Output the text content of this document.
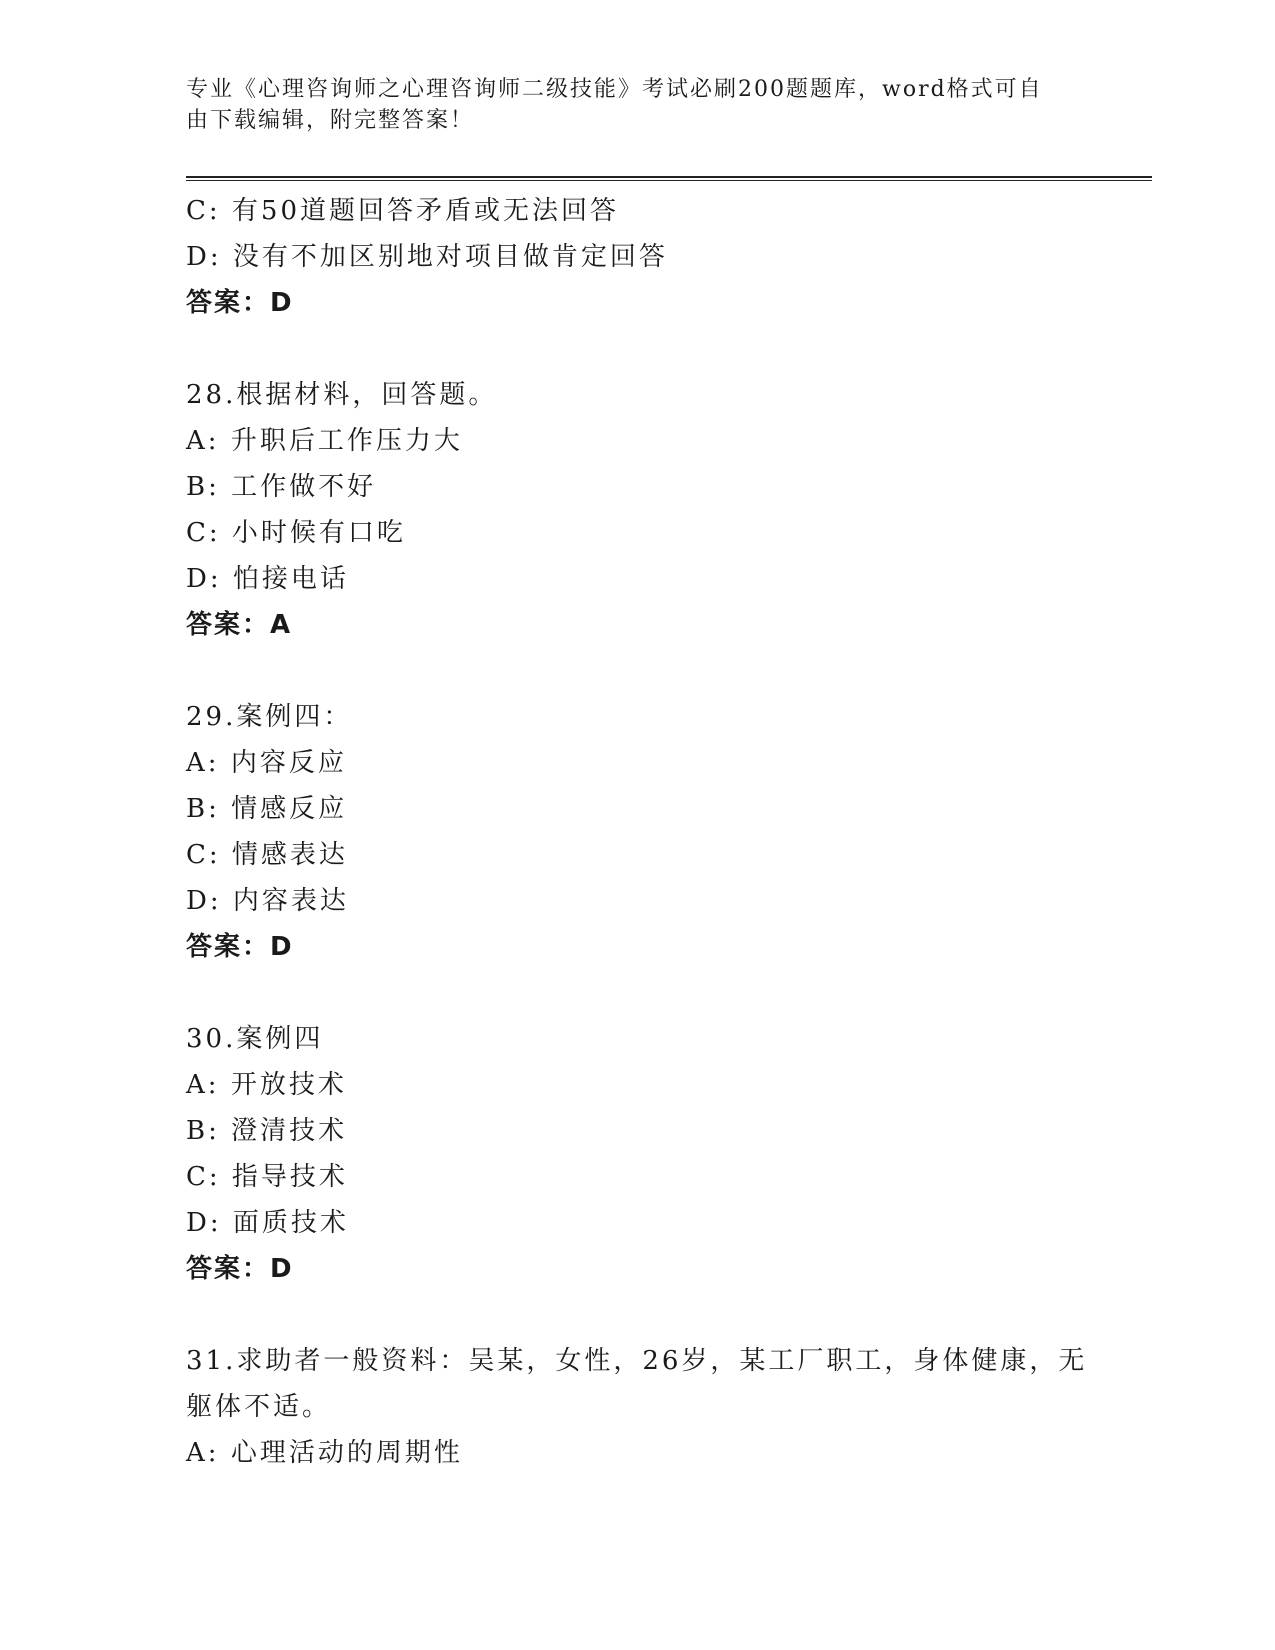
专业《心理咨询师之心理咨询师二级技能》考试必刷200题题库，word格式可自
由下载编辑，附完整答案！
C: 有50道题回答矛盾或无法回答
D: 没有不加区别地对项目做肯定回答
答案：D
28.根据材料，回答题。
A: 升职后工作压力大
B: 工作做不好
C: 小时候有口吃
D: 怕接电话
答案：A
29.案例四：
A: 内容反应
B: 情感反应
C: 情感表达
D: 内容表达
答案：D
30.案例四
A: 开放技术
B: 澄清技术
C: 指导技术
D: 面质技术
答案：D
31.求助者一般资料：吴某，女性，26岁，某工厂职工，身体健康，无
躯体不适。
A: 心理活动的周期性
